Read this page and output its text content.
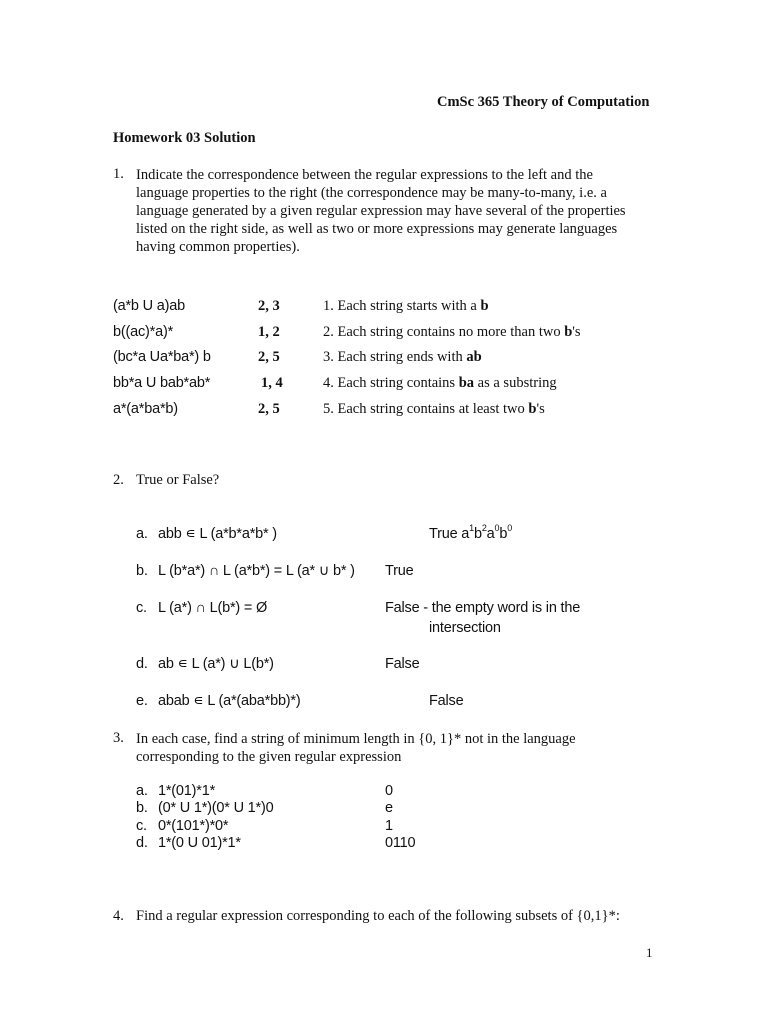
CmSc 365 Theory of Computation
Homework 03 Solution
1. Indicate the correspondence between the regular expressions to the left and the
language properties to the right (the correspondence may be many-to-many, i.e. a
language generated by a given regular expression may have several of the properties
listed on the right side, as well as two or more expressions may generate languages
having common properties).
(a*b U a)ab	2, 3	1. Each string starts with a b
b((ac)*a)*	1, 2	2. Each string contains no more than two b's
(bc*a Ua*ba*) b	2, 5	3. Each string ends with ab
bb*a U bab*ab*	1, 4	4. Each string contains ba as a substring
a*(a*ba*b)	2, 5	5. Each string contains at least two b's
2. True or False?
a. abb ∊ L (a*b*a*b* )	True $a^1b^2a^0b^0$
b. L (b*a*) ∩ L (a*b*) = L (a* ∪ b* ) True
c. L (a*) ∩ L(b*) = Ø	False - the empty word is in the
intersection
d. ab ∊ L (a*) ∪ L(b*)	False
e. abab ∊ L (a*(aba*bb)*)	False
3. In each case, find a string of minimum length in {0, 1}* not in the language
corresponding to the given regular expression
a. 1*(01)*1*	0
b. (0* U 1*)(0* U 1*)0	e
c. 0*(101*)*0*	1
d. 1*(0 U 01)*1*	0110
4. Find a regular expression corresponding to each of the following subsets of {0,1}*:
1
